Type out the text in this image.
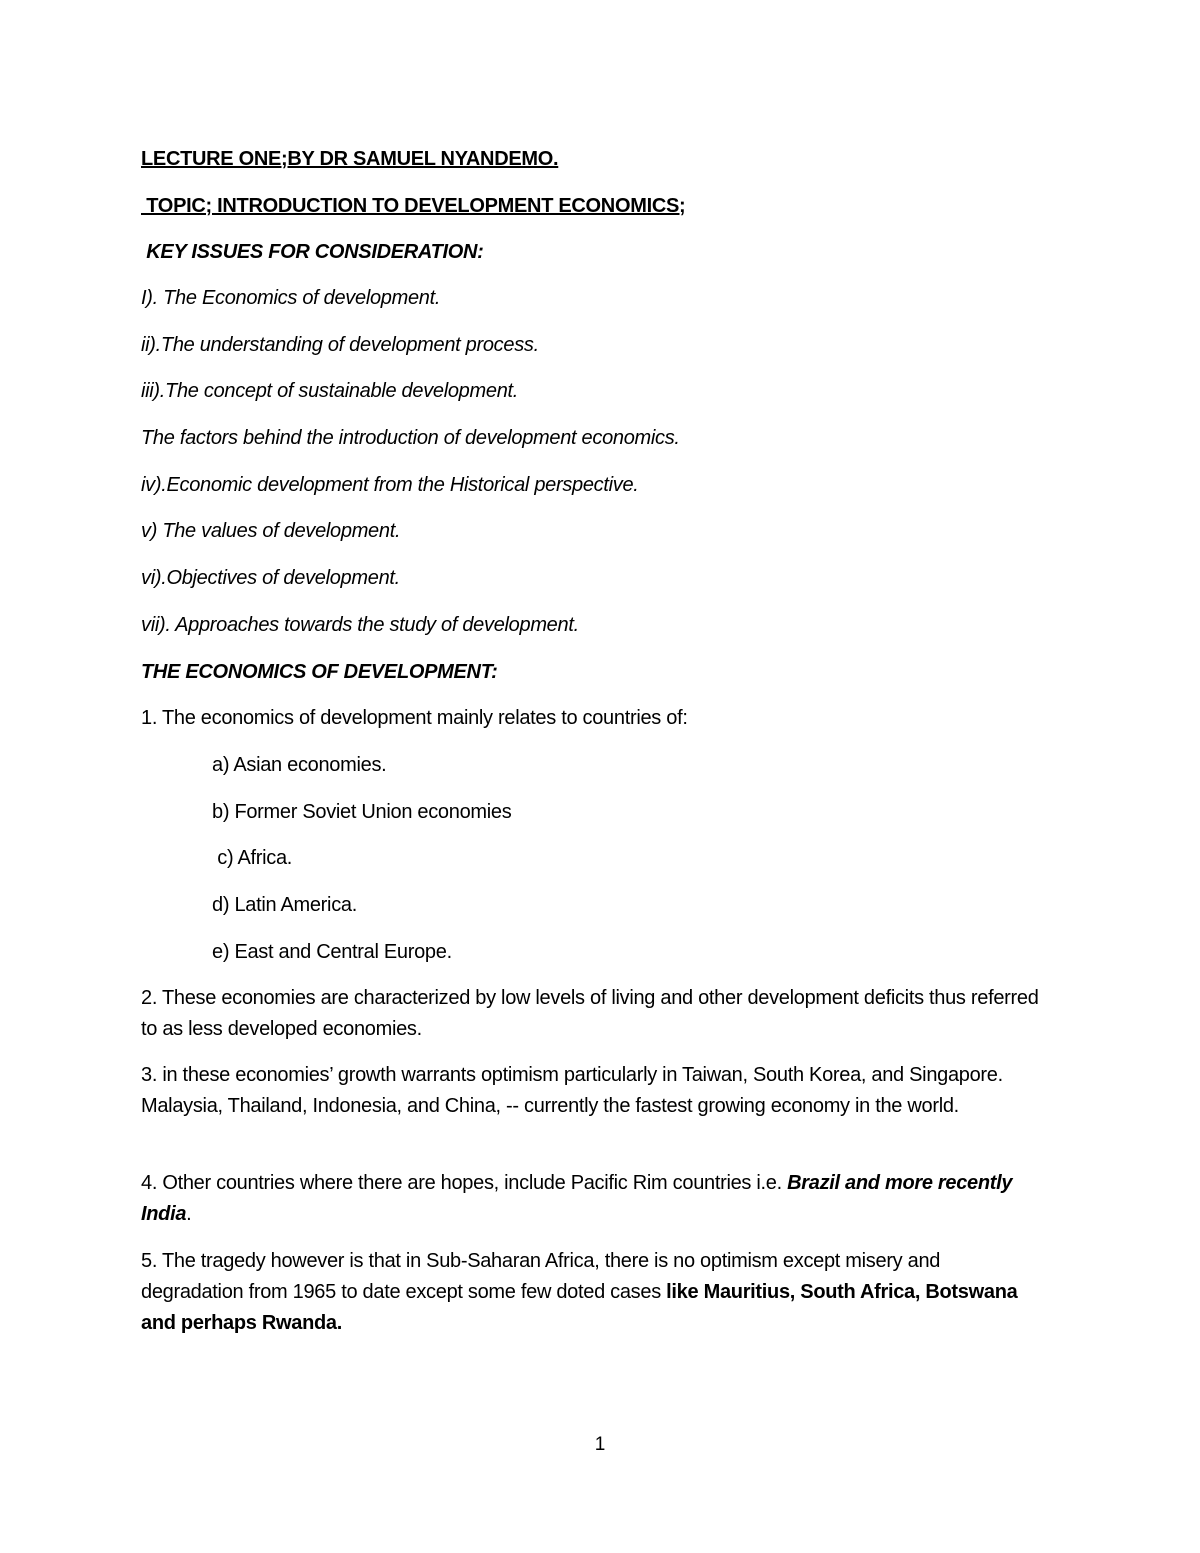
LECTURE ONE;BY DR SAMUEL NYANDEMO.
TOPIC; INTRODUCTION TO DEVELOPMENT ECONOMICS;
KEY ISSUES FOR CONSIDERATION:
I). The Economics of development.
ii).The understanding of development process.
iii).The concept of sustainable development.
The factors behind the introduction of development economics.
iv).Economic development from the Historical perspective.
v) The values of development.
vi).Objectives of development.
vii). Approaches towards the study of development.
THE ECONOMICS OF DEVELOPMENT:
1. The economics of development mainly relates to countries of:
a) Asian economies.
b) Former Soviet Union economies
c) Africa.
d) Latin America.
e) East and Central Europe.
2. These economies are characterized by low levels of living and other development deficits thus referred to as less developed economies.
3. in these economies’ growth warrants optimism particularly in Taiwan, South Korea, and Singapore. Malaysia, Thailand, Indonesia, and China, -- currently the fastest growing economy in the world.
4. Other countries where there are hopes, include Pacific Rim countries i.e. Brazil and more recently India.
5. The tragedy however is that in Sub-Saharan Africa, there is no optimism except misery and degradation from 1965 to date except some few doted cases like Mauritius, South Africa, Botswana and perhaps Rwanda.
1
